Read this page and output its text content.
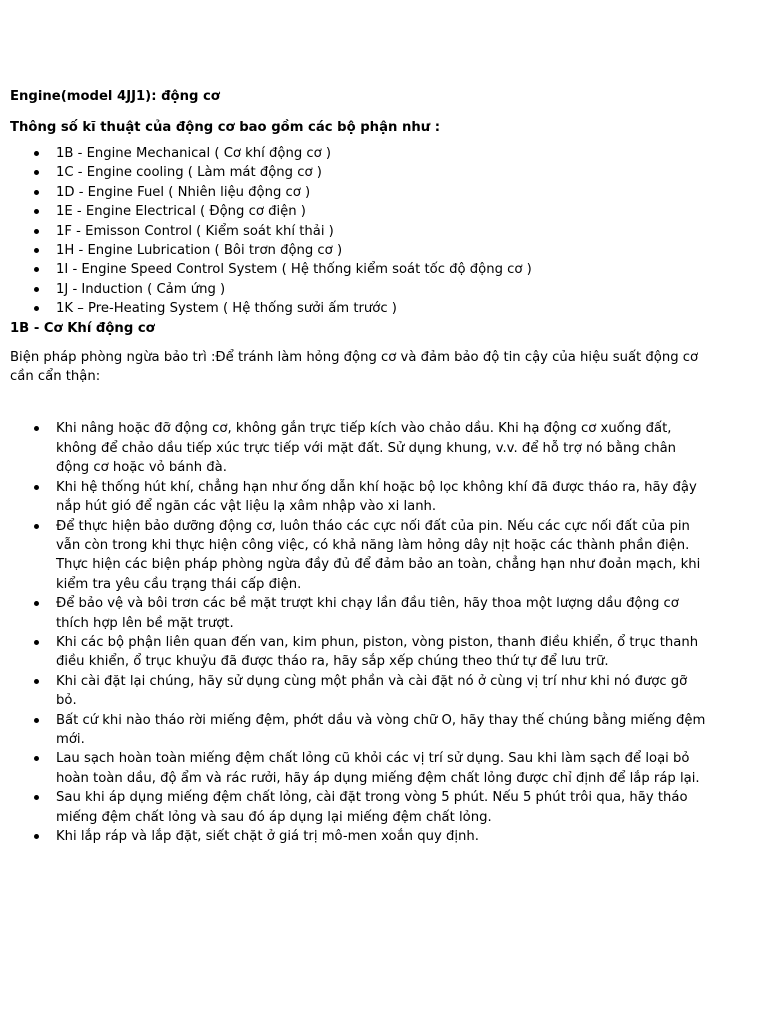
Engine(model 4JJ1): động cơ

Thông số kĩ thuật của động cơ bao gồm các bộ phận như :

1B - Engine Mechanical ( Cơ khí động cơ )
1C - Engine cooling ( Làm mát động cơ )
1D - Engine Fuel ( Nhiên liệu động cơ )
1E - Engine Electrical ( Động cơ điện )
1F - Emisson Control ( Kiểm soát khí thải )
1H - Engine Lubrication ( Bôi trơn động cơ )
1I - Engine Speed Control System ( Hệ thống kiểm soát tốc độ động cơ )
1J - Induction ( Cảm ứng )
1K – Pre-Heating System ( Hệ thống sưởi ấm trước )

1B - Cơ Khí động cơ

Biện pháp phòng ngừa bảo trì :Để tránh làm hỏng động cơ và đảm bảo độ tin cậy của hiệu suất động cơ cần cẩn thận:

Khi nâng hoặc đỡ động cơ, không gắn trực tiếp kích vào chảo dầu. Khi hạ động cơ xuống đất, không để chảo dầu tiếp xúc trực tiếp với mặt đất. Sử dụng khung, v.v. để hỗ trợ nó bằng chân động cơ hoặc vỏ bánh đà.
Khi hệ thống hút khí, chẳng hạn như ống dẫn khí hoặc bộ lọc không khí đã được tháo ra, hãy đậy nắp hút gió để ngăn các vật liệu lạ xâm nhập vào xi lanh.
Để thực hiện bảo dưỡng động cơ, luôn tháo các cực nối đất của pin. Nếu các cực nối đất của pin vẫn còn trong khi thực hiện công việc, có khả năng làm hỏng dây nịt hoặc các thành phần điện. Thực hiện các biện pháp phòng ngừa đầy đủ để đảm bảo an toàn, chẳng hạn như đoản mạch, khi kiểm tra yêu cầu trạng thái cấp điện.
Để bảo vệ và bôi trơn các bề mặt trượt khi chạy lần đầu tiên, hãy thoa một lượng dầu động cơ thích hợp lên bề mặt trượt.
Khi các bộ phận liên quan đến van, kim phun, piston, vòng piston, thanh điều khiển, ổ trục thanh điều khiển, ổ trục khuỷu đã được tháo ra, hãy sắp xếp chúng theo thứ tự để lưu trữ.
Khi cài đặt lại chúng, hãy sử dụng cùng một phần và cài đặt nó ở cùng vị trí như khi nó được gỡ bỏ.
Bất cứ khi nào tháo rời miếng đệm, phớt dầu và vòng chữ O, hãy thay thế chúng bằng miếng đệm mới.
Lau sạch hoàn toàn miếng đệm chất lỏng cũ khỏi các vị trí sử dụng. Sau khi làm sạch để loại bỏ hoàn toàn dầu, độ ẩm và rác rưởi, hãy áp dụng miếng đệm chất lỏng được chỉ định để lắp ráp lại.
Sau khi áp dụng miếng đệm chất lỏng, cài đặt trong vòng 5 phút. Nếu 5 phút trôi qua, hãy tháo miếng đệm chất lỏng và sau đó áp dụng lại miếng đệm chất lỏng.
Khi lắp ráp và lắp đặt, siết chặt ở giá trị mô-men xoắn quy định.
